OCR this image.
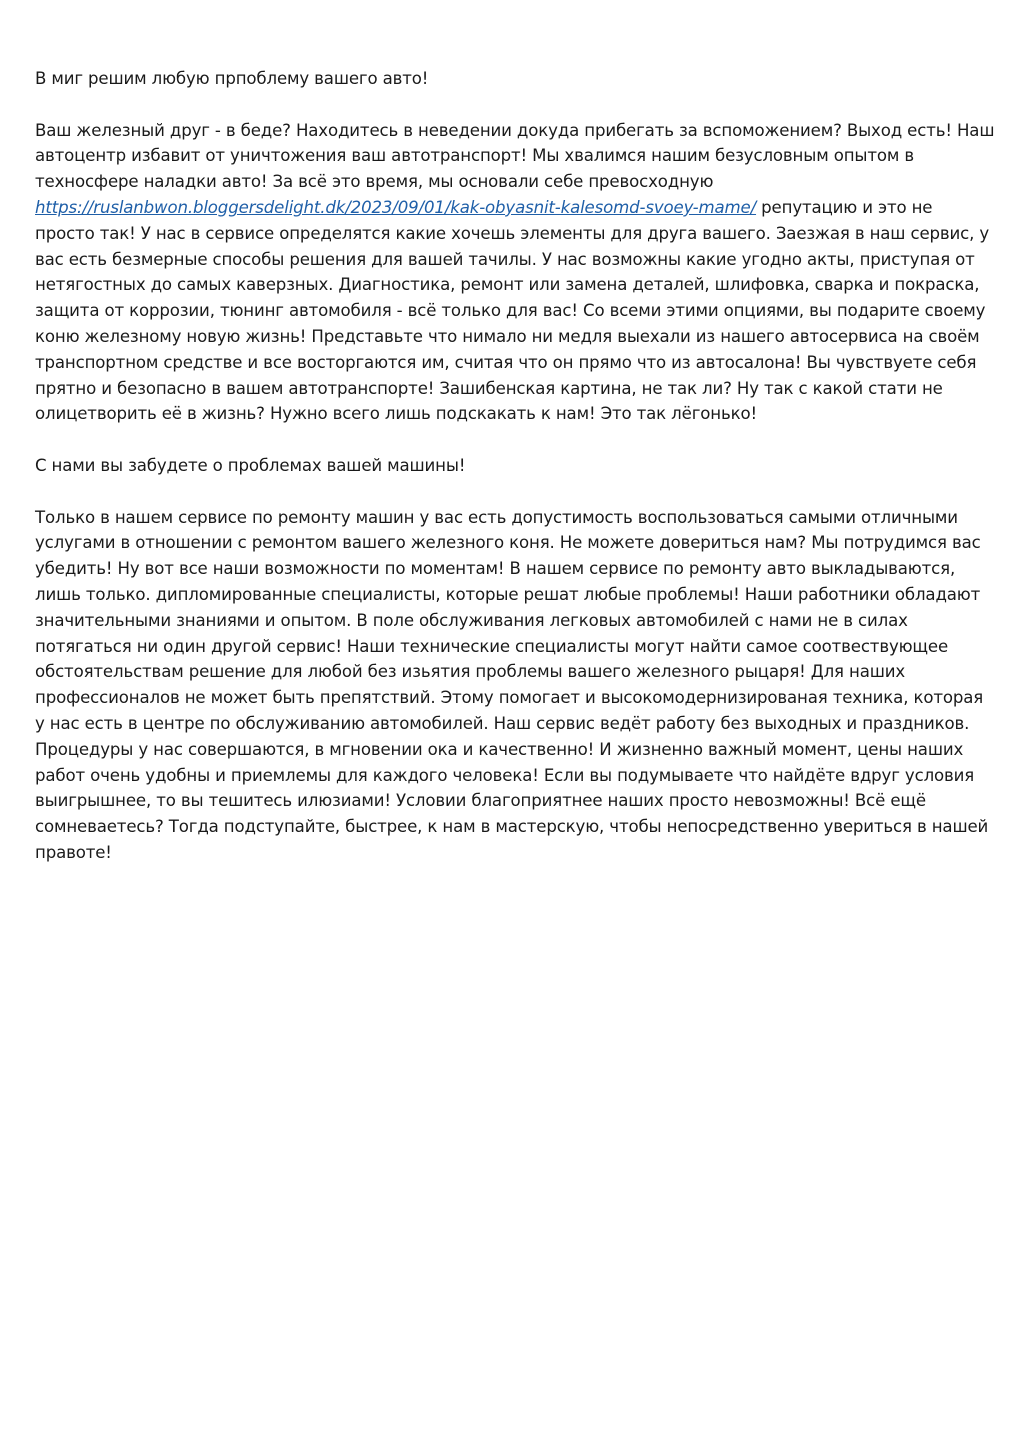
В миг решим любую прпоблему вашего авто!

Ваш железный друг - в беде? Находитесь в неведении докуда прибегать за вспоможением? Выход есть! Наш автоцентр избавит от уничтожения ваш автотранспорт! Мы хвалимся нашим безусловным опытом в техносфере наладки авто! За всё это время, мы основали себе превосходную https://ruslanbwon.bloggersdelight.dk/2023/09/01/kak-obyasnit-kalesomd-svoey-mame/ репутацию и это не просто так! У нас в сервисе определятся какие хочешь элементы для друга вашего. Заезжая в наш сервис, у вас есть безмерные способы решения для вашей тачилы. У нас возможны какие угодно акты, приступая от нетягостных до самых каверзных. Диагностика, ремонт или замена деталей, шлифовка, сварка и покраска, защита от коррозии, тюнинг автомобиля - всё только для вас! Со всеми этими опциями, вы подарите своему коню железному новую жизнь! Представьте что нимало ни медля выехали из нашего автосервиса на своём транспортном средстве и все восторгаются им, считая что он прямо что из автосалона! Вы чувствуете себя прятно и безопасно в вашем автотранспорте! Зашибенская картина, не так ли? Ну так с какой стати не олицетворить её в жизнь? Нужно всего лишь подскакать к нам! Это так лёгонько!

С нами вы забудете о проблемах вашей машины!

Только в нашем сервисе по ремонту машин у вас есть допустимость воспользоваться самыми отличными услугами в отношении с ремонтом вашего железного коня. Не можете довериться нам? Мы потрудимся вас убедить! Ну вот все наши возможности по моментам! В нашем сервисе по ремонту авто выкладываются, лишь только. дипломированные специалисты, которые решат любые проблемы! Наши работники обладают значительными знаниями и опытом. В поле обслуживания легковых автомобилей с нами не в силах потягаться ни один другой сервис! Наши технические специалисты могут найти самое соотвествующее обстоятельствам решение для любой без изьятия проблемы вашего железного рыцаря! Для наших профессионалов не может быть препятствий. Этому помогает и высокомодернизированая техника, которая у нас есть в центре по обслуживанию автомобилей. Наш сервис ведёт работу без выходных и праздников. Процедуры у нас совершаются, в мгновении ока и качественно! И жизненно важный момент, цены наших работ очень удобны и приемлемы для каждого человека! Если вы подумываете что найдёте вдруг условия выигрышнее, то вы тешитесь илюзиами! Условии благоприятнее наших просто невозможны! Всё ещё сомневаетесь? Тогда подступайте, быстрее, к нам в мастерскую, чтобы непосредственно увериться в нашей правоте!
